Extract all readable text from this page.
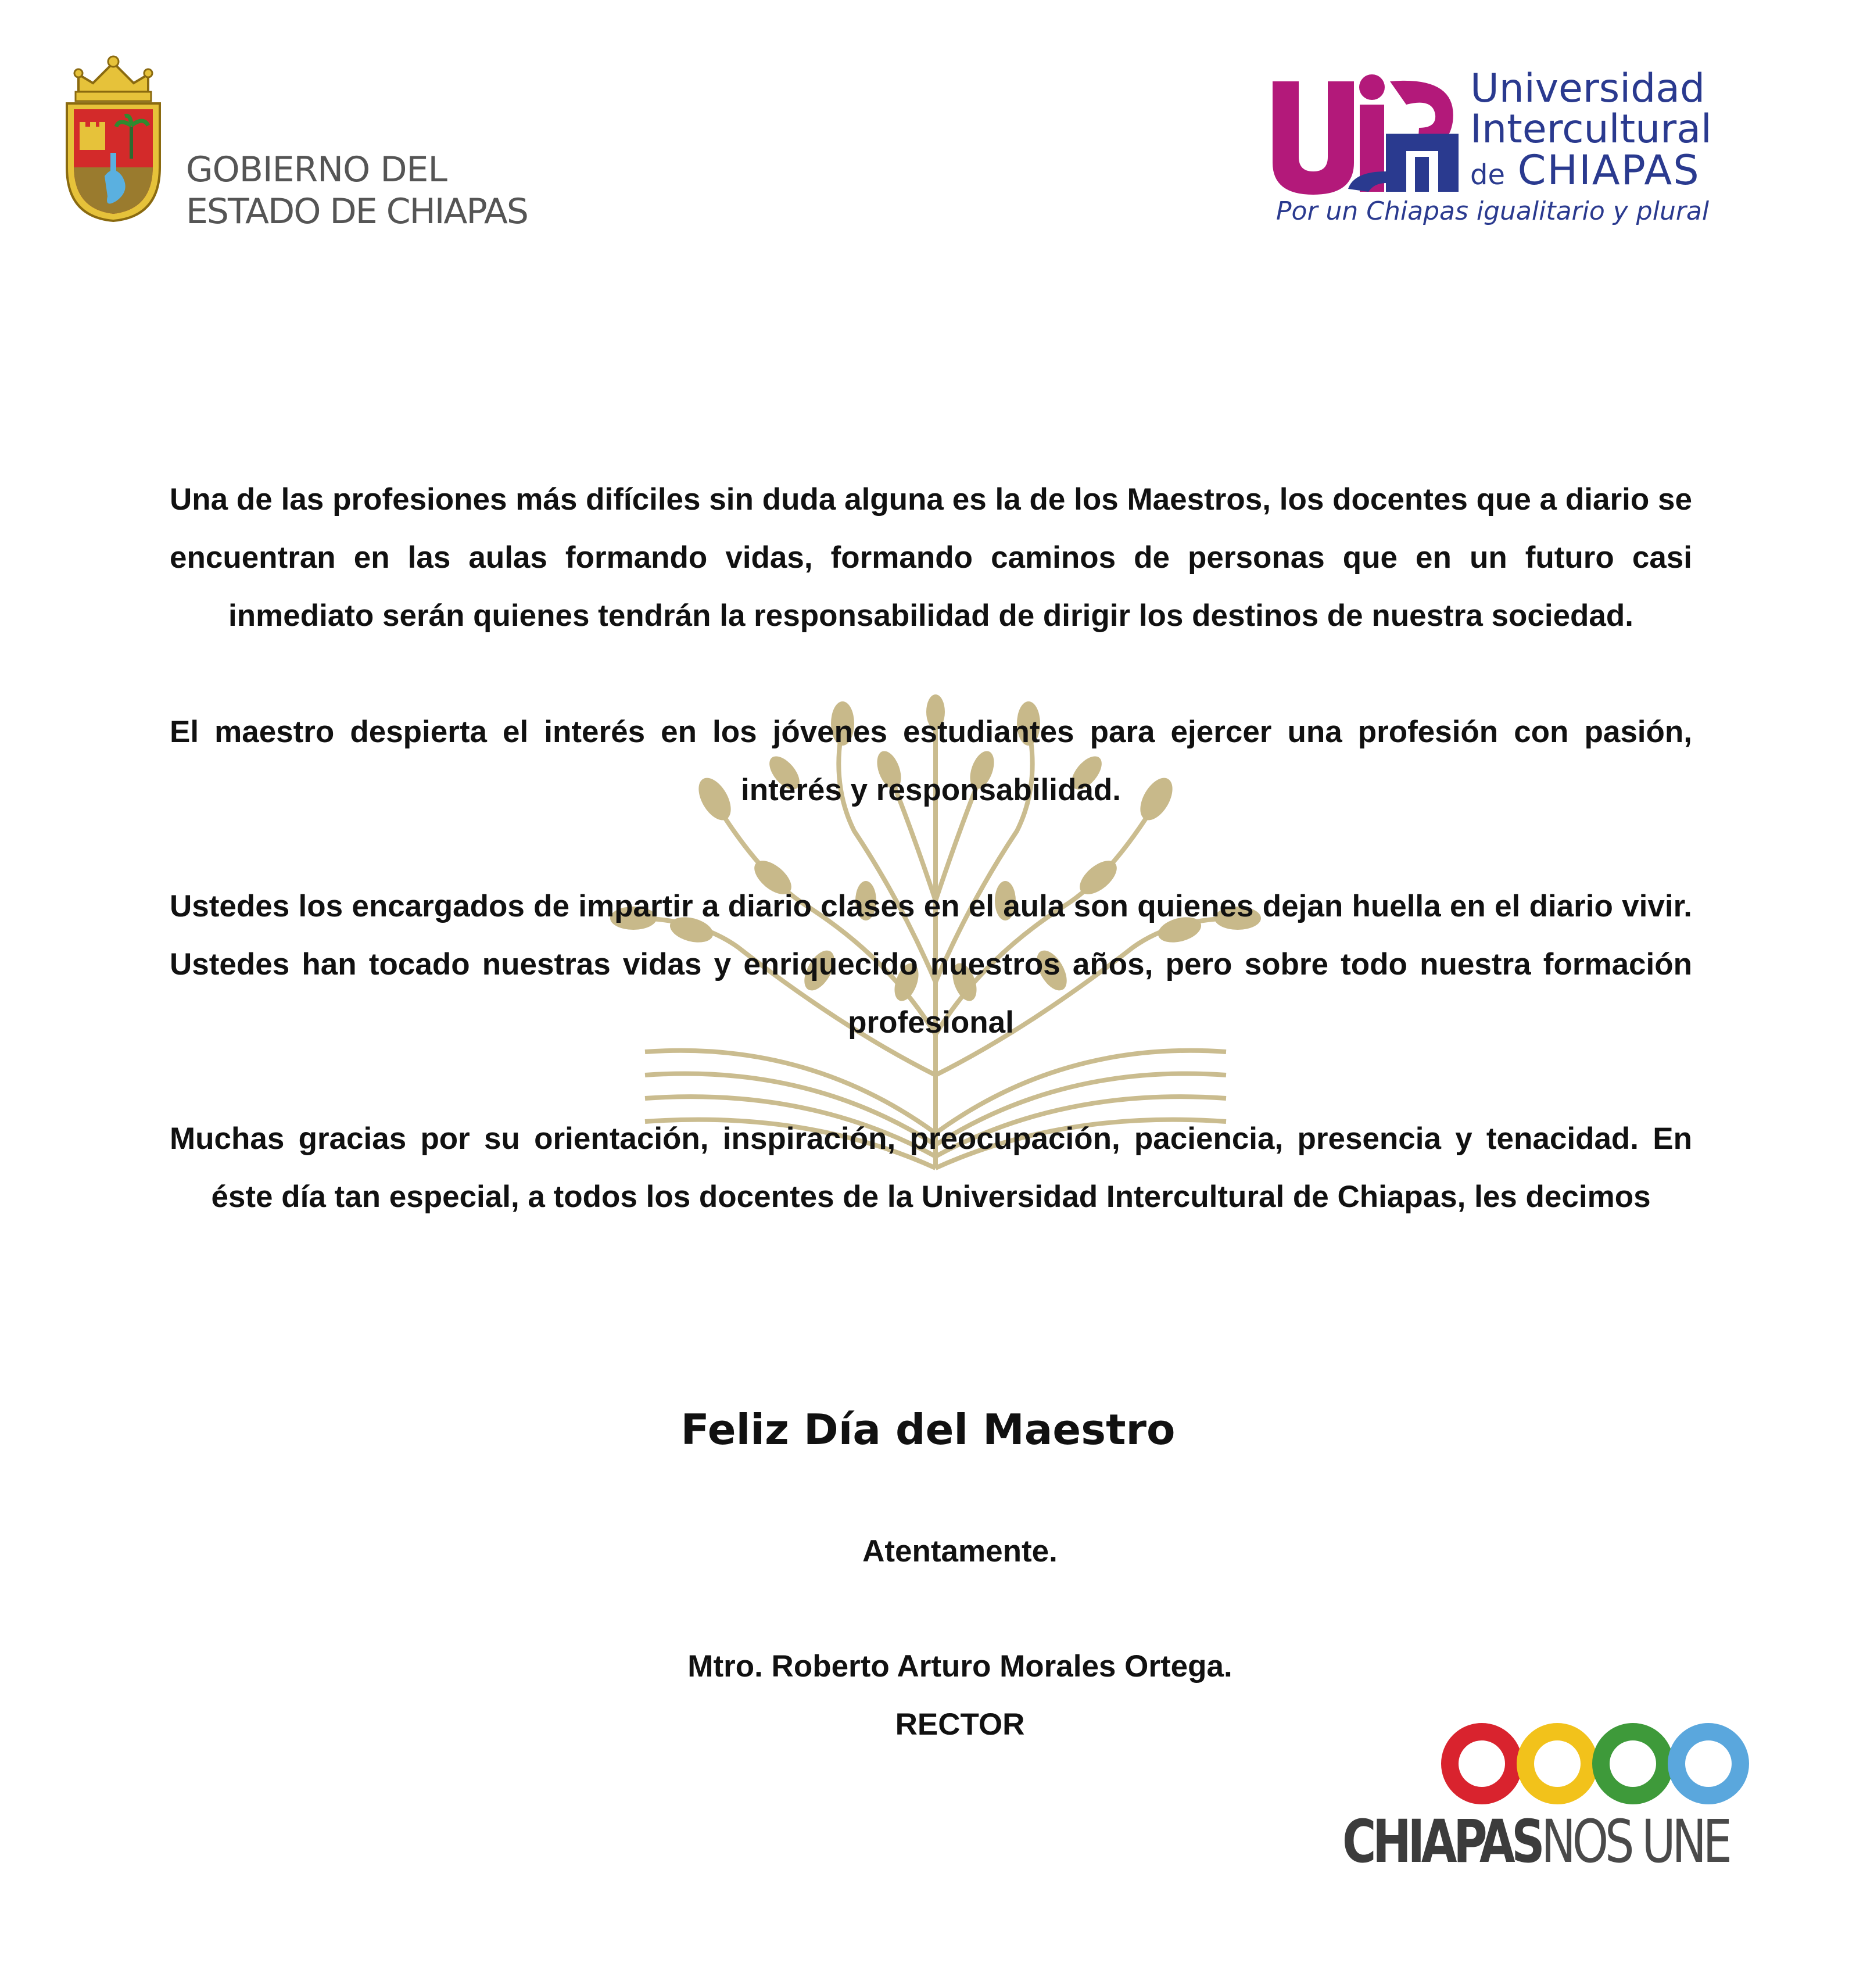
GOBIERNO DEL
ESTADO DE CHIAPAS
Universidad
Intercultural
de CHIAPAS
Por un Chiapas igualitario y plural

Una de las profesiones más difíciles sin duda alguna es la de los Maestros, los docentes que a diario se encuentran en las aulas formando vidas, formando caminos de personas que en un futuro casi inmediato serán quienes tendrán la responsabilidad de dirigir los destinos de nuestra sociedad.

El maestro despierta el interés en los jóvenes estudiantes para ejercer una profesión con pasión, interés y responsabilidad.

Ustedes los encargados de impartir a diario clases en el aula son quienes dejan huella en el diario vivir. Ustedes han tocado nuestras vidas y enriquecido nuestros años, pero sobre todo nuestra formación profesional

Muchas gracias por su orientación, inspiración, preocupación, paciencia, presencia y tenacidad. En éste día tan especial, a todos los docentes de la Universidad Intercultural de Chiapas, les decimos

Feliz Día del Maestro
Atentamente.
Mtro. Roberto Arturo Morales Ortega.
RECTOR
CHIAPASNOS UNE
